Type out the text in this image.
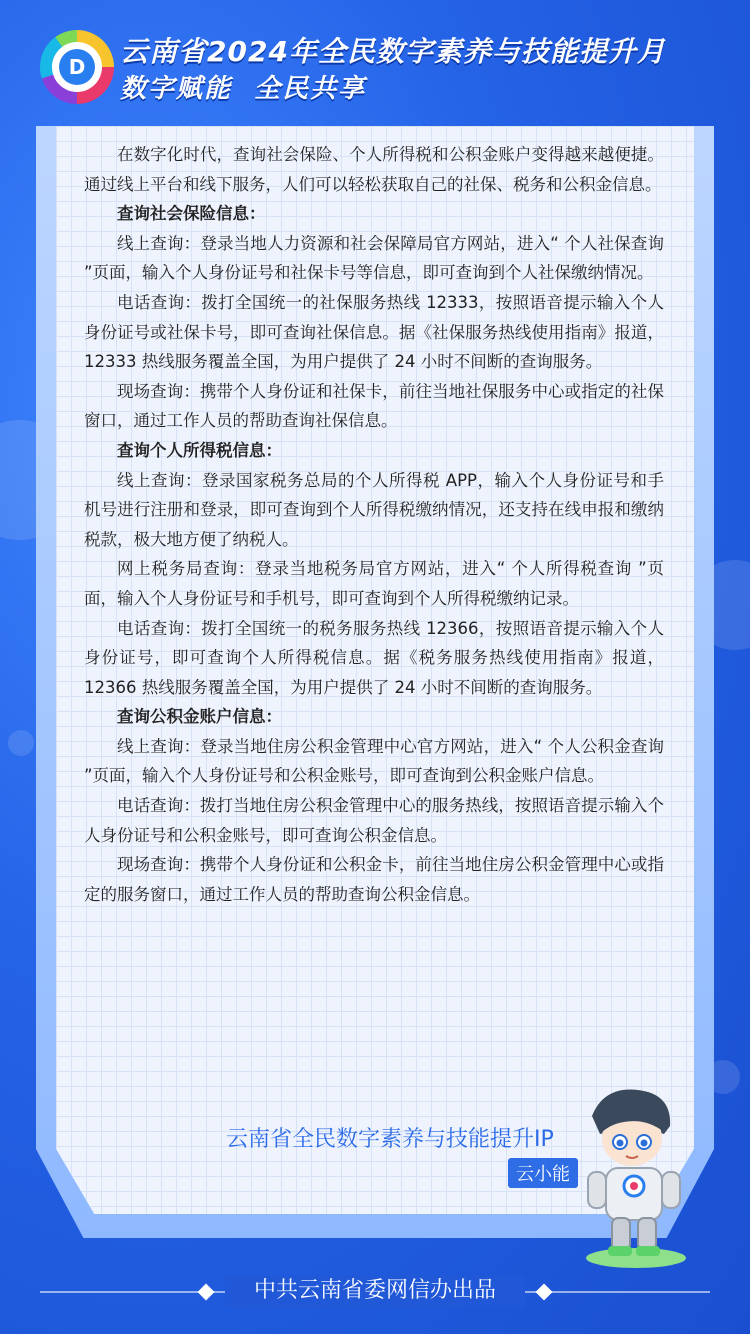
D 云南省2024年全民数字素养与技能提升月
数字赋能  全民共享

在数字化时代，查询社会保险、个人所得税和公积金账户变得越来越便捷。通过线上平台和线下服务，人们可以轻松获取自己的社保、税务和公积金信息。

查询社会保险信息：

线上查询：登录当地人力资源和社会保障局官方网站，进入“ 个人社保查询 ”页面，输入个人身份证号和社保卡号等信息，即可查询到个人社保缴纳情况。

电话查询：拨打全国统一的社保服务热线 12333，按照语音提示输入个人身份证号或社保卡号，即可查询社保信息。据《社保服务热线使用指南》报道，12333 热线服务覆盖全国，为用户提供了 24 小时不间断的查询服务。

现场查询：携带个人身份证和社保卡，前往当地社保服务中心或指定的社保窗口，通过工作人员的帮助查询社保信息。

查询个人所得税信息：

线上查询：登录国家税务总局的个人所得税 APP，输入个人身份证号和手机号进行注册和登录，即可查询到个人所得税缴纳情况，还支持在线申报和缴纳税款，极大地方便了纳税人。

网上税务局查询：登录当地税务局官方网站，进入“ 个人所得税查询 ”页面，输入个人身份证号和手机号，即可查询到个人所得税缴纳记录。

电话查询：拨打全国统一的税务服务热线 12366，按照语音提示输入个人身份证号，即可查询个人所得税信息。据《税务服务热线使用指南》报道，12366 热线服务覆盖全国，为用户提供了 24 小时不间断的查询服务。

查询公积金账户信息：

线上查询：登录当地住房公积金管理中心官方网站，进入“ 个人公积金查询 ”页面，输入个人身份证号和公积金账号，即可查询到公积金账户信息。

电话查询：拨打当地住房公积金管理中心的服务热线，按照语音提示输入个人身份证号和公积金账号，即可查询公积金信息。

现场查询：携带个人身份证和公积金卡，前往当地住房公积金管理中心或指定的服务窗口，通过工作人员的帮助查询公积金信息。

云南省全民数字素养与技能提升IP
云小能
中共云南省委网信办出品
